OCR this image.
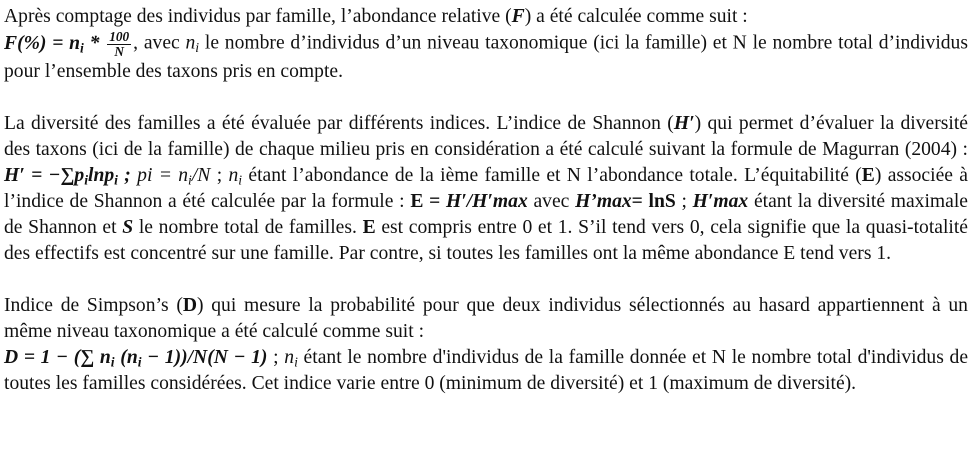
Après comptage des individus par famille, l’abondance relative (F) a été calculée comme suit :
$F(\%) = n_i * \frac{100}{N}$ , avec $n_i$ le nombre d’individus d’un niveau taxonomique (ici la famille) et N le nombre total d’individus pour l’ensemble des taxons pris en compte.

La diversité des familles a été évaluée par différents indices. L’indice de Shannon (H′) qui permet d’évaluer la diversité des taxons (ici de la famille) de chaque milieu pris en considération a été calculé suivant la formule de Magurran (2004) : $H' = -\sum p_i\ln p_i$ ; pi = $n_i/N$ ; $n_i$ étant l’abondance de la ième famille et N l’abondance totale. L’équitabilité (E) associée à l’indice de Shannon a été calculée par la formule : E = H′/H′max avec H’max= lnS ; H′max étant la diversité maximale de Shannon et S le nombre total de familles. E est compris entre 0 et 1. S’il tend vers 0, cela signifie que la quasi-totalité des effectifs est concentré sur une famille. Par contre, si toutes les familles ont la même abondance E tend vers 1.

Indice de Simpson’s (D) qui mesure la probabilité pour que deux individus sélectionnés au hasard appartiennent à un même niveau taxonomique a été calculé comme suit :
D = 1 − (∑ $n_i$ $(n_i - 1))/N(N - 1)$ ; $n_i$ étant le nombre d'individus de la famille donnée et N le nombre total d'individus de toutes les familles considérées. Cet indice varie entre 0 (minimum de diversité) et 1 (maximum de diversité).
